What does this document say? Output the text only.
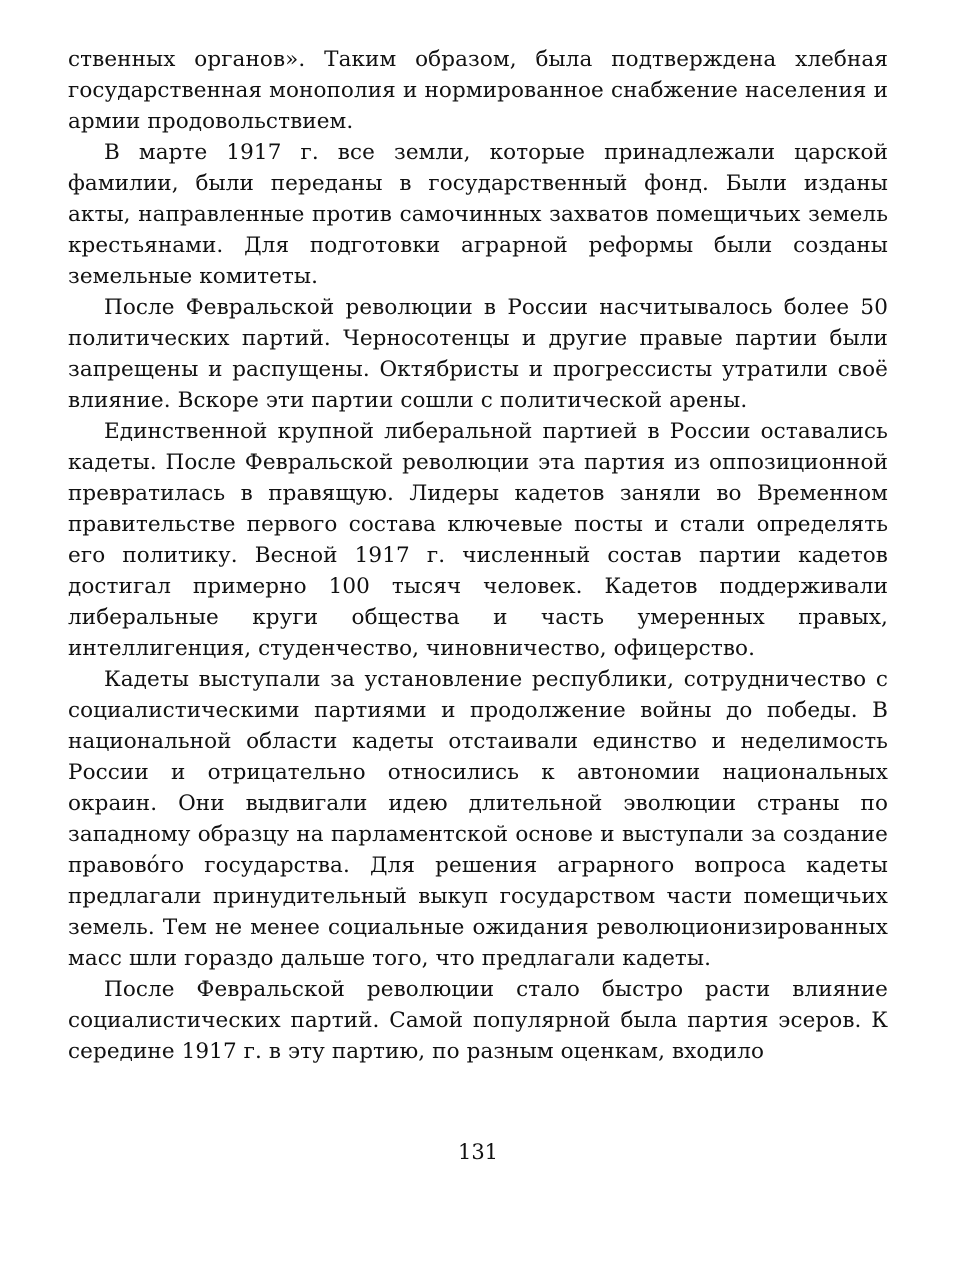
ственных органов». Таким образом, была подтверждена хлебная государственная монополия и нормированное снабжение населения и армии продовольствием.

В марте 1917 г. все земли, которые принадлежали царской фамилии, были переданы в государственный фонд. Были изданы акты, направленные против самочинных захватов помещичьих земель крестьянами. Для подготовки аграрной реформы были созданы земельные комитеты.

После Февральской революции в России насчитывалось более 50 политических партий. Черносотенцы и другие правые партии были запрещены и распущены. Октябристы и прогрессисты утратили своё влияние. Вскоре эти партии сошли с политической арены.

Единственной крупной либеральной партией в России оставались кадеты. После Февральской революции эта партия из оппозиционной превратилась в правящую. Лидеры кадетов заняли во Временном правительстве первого состава ключевые посты и стали определять его политику. Весной 1917 г. численный состав партии кадетов достигал примерно 100 тысяч человек. Кадетов поддерживали либеральные круги общества и часть умеренных правых, интеллигенция, студенчество, чиновничество, офицерство.

Кадеты выступали за установление республики, сотрудничество с социалистическими партиями и продолжение войны до победы. В национальной области кадеты отстаивали единство и неделимость России и отрицательно относились к автономии национальных окраин. Они выдвигали идею длительной эволюции страны по западному образцу на парламентской основе и выступали за создание правово́го государства. Для решения аграрного вопроса кадеты предлагали принудительный выкуп государством части помещичьих земель. Тем не менее социальные ожидания революционизированных масс шли гораздо дальше того, что предлагали кадеты.

После Февральской революции стало быстро расти влияние социалистических партий. Самой популярной была партия эсеров. К середине 1917 г. в эту партию, по разным оценкам, входило

131
